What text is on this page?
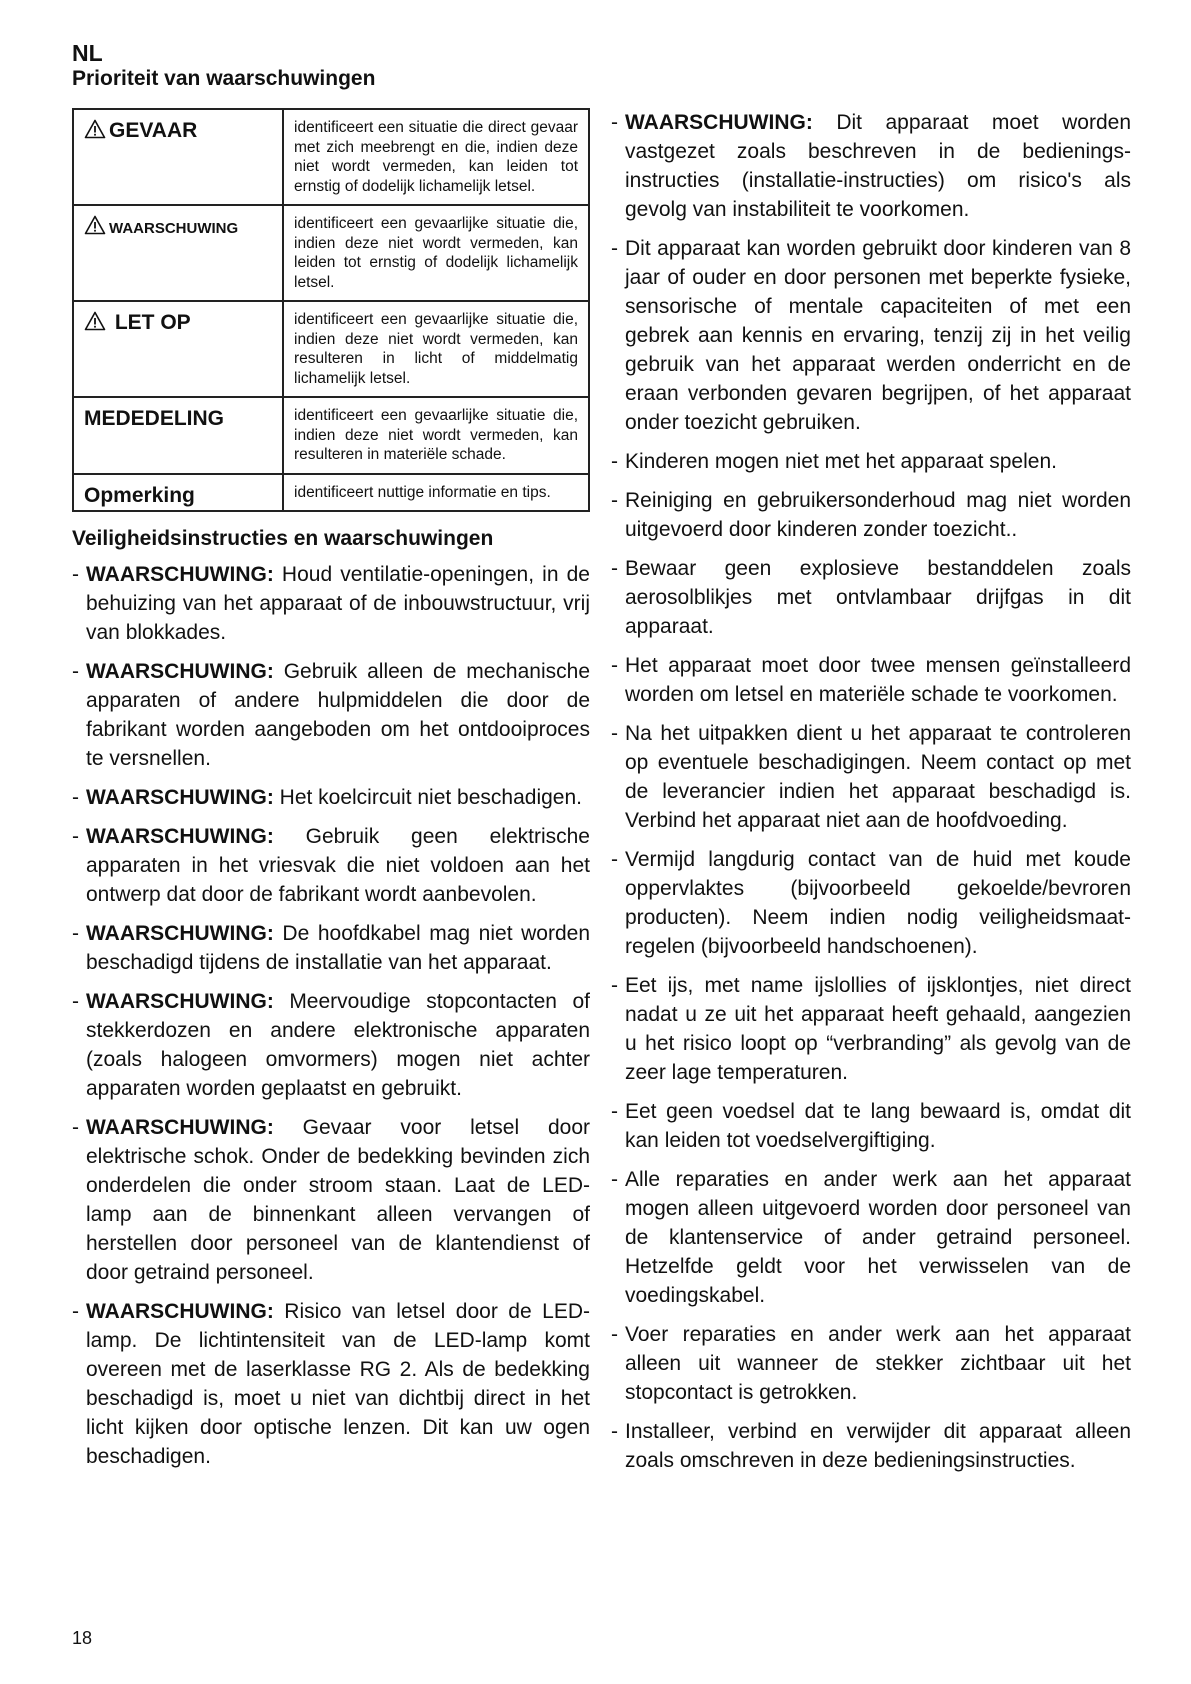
NL
Prioriteit van waarschuwingen
GEVAAR	identificeert een situatie die direct gevaar met zich meebrengt en die, indien deze niet wordt vermeden, kan leiden tot ernstig of dodelijk lichamelijk letsel.

WAARSCHUWING	identificeert een gevaarlijke situatie die, indien deze niet wordt vermeden, kan leiden tot ernstig of dodelijk lichamelijk letsel.

LET OP	identificeert een gevaarlijke situatie die, indien deze niet wordt vermeden, kan resulteren in licht of middelmatig lichamelijk letsel.
MEDEDELING	identificeert een gevaarlijke situatie die, indien deze niet wordt vermeden, kan resulteren in materiële schade.
Opmerking	identificeert nuttige informatie en tips.
Veiligheidsinstructies en waarschuwingen
- WAARSCHUWING: Houd ventilatie-openingen, in de behuizing van het apparaat of de inbouwstructuur, vrij van blokkades.
- WAARSCHUWING: Gebruik alleen de mechanische apparaten of andere hulpmiddelen die door de fabrikant worden aangeboden om het ontdooiproces te versnellen.
- WAARSCHUWING: Het koelcircuit niet beschadigen.
- WAARSCHUWING: Gebruik geen elektrische apparaten in het vriesvak die niet voldoen aan het ontwerp dat door de fabrikant wordt aanbevolen.
- WAARSCHUWING: De hoofdkabel mag niet worden beschadigd tijdens de installatie van het apparaat.
- WAARSCHUWING: Meervoudige stopcontacten of stekkerdozen en andere elektronische apparaten (zoals halogeen omvormers) mogen niet achter apparaten worden geplaatst en gebruikt.
- WAARSCHUWING: Gevaar voor letsel door elektrische schok. Onder de bedekking bevinden zich onderdelen die onder stroom staan. Laat de LED-lamp aan de binnenkant alleen vervangen of herstellen door personeel van de klantendienst of door getraind personeel.
- WAARSCHUWING: Risico van letsel door de LED-lamp. De lichtintensiteit van de LED-lamp komt overeen met de laserklasse RG 2. Als de bedekking beschadigd is, moet u niet van dichtbij direct in het licht kijken door optische lenzen. Dit kan uw ogen beschadigen.
- WAARSCHUWING: Dit apparaat moet worden vastgezet zoals beschreven in de bedieningsinstructies (installatie-instructies) om risico's als gevolg van instabiliteit te voorkomen.
- Dit apparaat kan worden gebruikt door kinderen van 8 jaar of ouder en door personen met beperkte fysieke, sensorische of mentale capaciteiten of met een gebrek aan kennis en ervaring, tenzij zij in het veilig gebruik van het apparaat werden onderricht en de eraan verbonden gevaren begrijpen, of het apparaat onder toezicht gebruiken.
- Kinderen mogen niet met het apparaat spelen.
- Reiniging en gebruikersonderhoud mag niet worden uitgevoerd door kinderen zonder toezicht..
- Bewaar geen explosieve bestanddelen zoals aerosolblikjes met ontvlambaar drijfgas in dit apparaat.
- Het apparaat moet door twee mensen geïnstalleerd worden om letsel en materiële schade te voorkomen.
- Na het uitpakken dient u het apparaat te controleren op eventuele beschadigingen. Neem contact op met de leverancier indien het apparaat beschadigd is. Verbind het apparaat niet aan de hoofdvoeding.
- Vermijd langdurig contact van de huid met koude oppervlaktes (bijvoorbeeld gekoelde/bevroren producten). Neem indien nodig veiligheidsmaatregelen (bijvoorbeeld handschoenen).
- Eet ijs, met name ijslollies of ijsklontjes, niet direct nadat u ze uit het apparaat heeft gehaald, aangezien u het risico loopt op “verbranding” als gevolg van de zeer lage temperaturen.
- Eet geen voedsel dat te lang bewaard is, omdat dit kan leiden tot voedselvergiftiging.
- Alle reparaties en ander werk aan het apparaat mogen alleen uitgevoerd worden door personeel van de klantenservice of ander getraind personeel. Hetzelfde geldt voor het verwisselen van de voedingskabel.
- Voer reparaties en ander werk aan het apparaat alleen uit wanneer de stekker zichtbaar uit het stopcontact is getrokken.
- Installeer, verbind en verwijder dit apparaat alleen zoals omschreven in deze bedieningsinstructies.
18
